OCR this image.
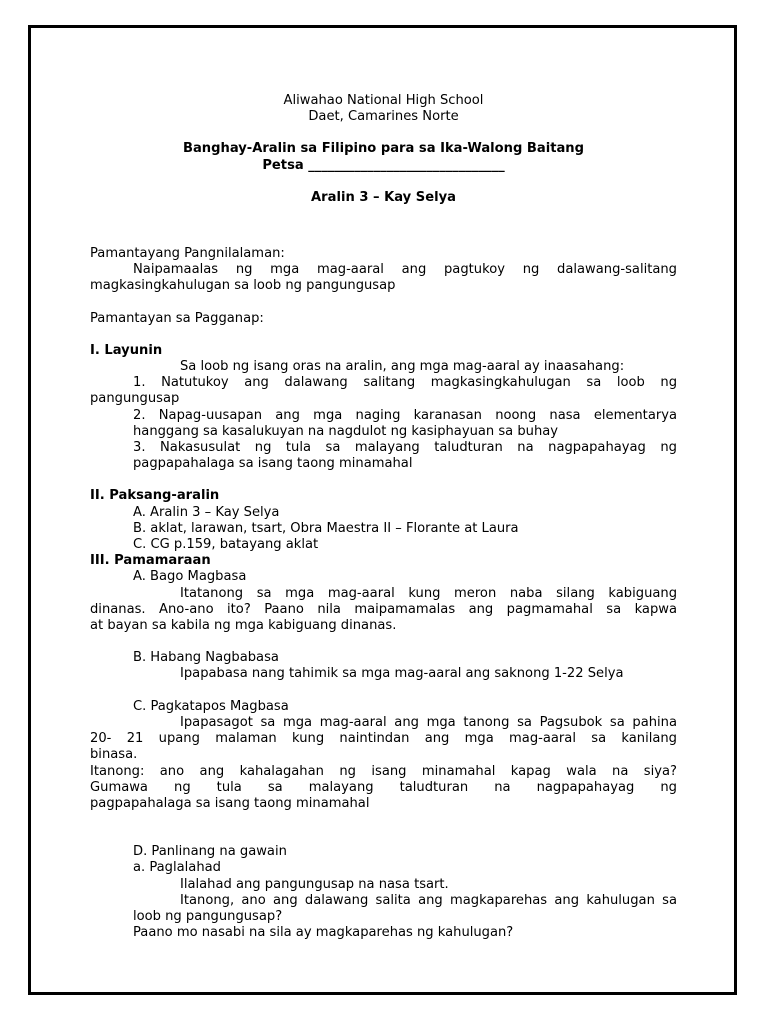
Aliwahao National High School

Daet, Camarines Norte

Banghay-Aralin sa Filipino para sa Ika-Walong Baitang

Petsa ______________________________

Aralin 3 – Kay Selya

Pamantayang Pangnilalaman:

Naipamaalas ng mga mag-aaral ang pagtukoy ng dalawang-salitang

magkasingkahulugan sa loob ng pangungusap

Pamantayan sa Pagganap:

I. Layunin

Sa loob ng isang oras na aralin, ang mga mag-aaral ay inaasahang:

1. Natutukoy ang dalawang salitang magkasingkahulugan sa loob ng

pangungusap

2. Napag-uusapan ang mga naging karanasan noong nasa elementarya

hanggang sa kasalukuyan na nagdulot ng kasiphayuan sa buhay

3. Nakasusulat ng tula sa malayang taludturan na nagpapahayag ng

pagpapahalaga sa isang taong minamahal

II. Paksang-aralin

A. Aralin 3 – Kay Selya

B. aklat, larawan, tsart, Obra Maestra II – Florante at Laura

C. CG p.159, batayang aklat

III. Pamamaraan

A. Bago Magbasa

Itatanong sa mga mag-aaral kung meron naba silang kabiguang

dinanas. Ano-ano ito? Paano nila maipamamalas ang pagmamahal sa kapwa

at bayan sa kabila ng mga kabiguang dinanas.

B. Habang Nagbabasa

Ipapabasa nang tahimik sa mga mag-aaral ang saknong 1-22 Selya

C. Pagkatapos Magbasa

Ipapasagot sa mga mag-aaral ang mga tanong sa Pagsubok sa pahina

20- 21 upang malaman kung naintindan ang mga mag-aaral sa kanilang

binasa.

Itanong: ano ang kahalagahan ng isang minamahal kapag wala na siya?

Gumawa ng tula sa malayang taludturan na nagpapahayag ng

pagpapahalaga sa isang taong minamahal

D. Panlinang na gawain

a. Paglalahad

Ilalahad ang pangungusap na nasa tsart.

Itanong, ano ang dalawang salita ang magkaparehas ang kahulugan sa

loob ng pangungusap?

Paano mo nasabi na sila ay magkaparehas ng kahulugan?
